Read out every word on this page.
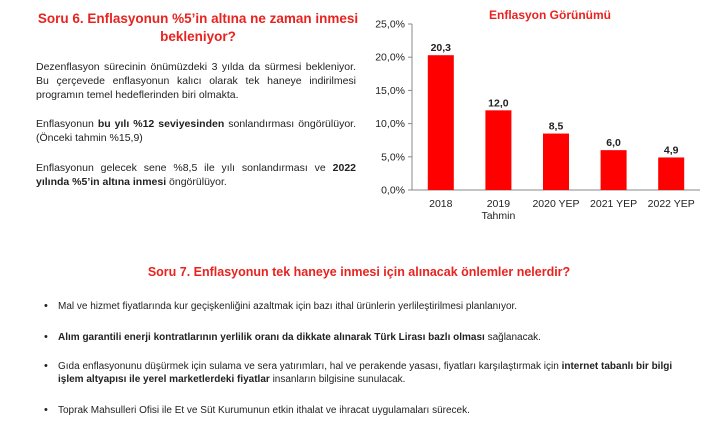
Soru 6. Enflasyonun %5’in altına ne zaman inmesi bekleniyor?
Dezenflasyon sürecinin önümüzdeki 3 yılda da sürmesi bekleniyor. Bu çerçevede enflasyonun kalıcı olarak tek haneye indirilmesi programın temel hedeflerinden biri olmakta.
Enflasyonun bu yılı %12 seviyesinden sonlandırması öngörülüyor. (Önceki tahmin %15,9)
Enflasyonun gelecek sene %8,5 ile yılı sonlandırması ve 2022 yılında %5’in altına inmesi öngörülüyor.
Enflasyon Görünümü
0,0%
5,0%
10,0%
15,0%
20,0%
25,0%
20,3
2018
12,0
2019
Tahmin
8,5
2020 YEP
6,0
2021 YEP
4,9
2022 YEP
Soru 7. Enflasyonun tek haneye inmesi için alınacak önlemler nelerdir?
• Mal ve hizmet fiyatlarında kur geçişkenliğini azaltmak için bazı ithal ürünlerin yerlileştirilmesi planlanıyor.
• Alım garantili enerji kontratlarının yerlilik oranı da dikkate alınarak Türk Lirası bazlı olması sağlanacak.
• Gıda enflasyonunu düşürmek için sulama ve sera yatırımları, hal ve perakende yasası, fiyatları karşılaştırmak için internet tabanlı bir bilgi işlem altyapısı ile yerel marketlerdeki fiyatlar insanların bilgisine sunulacak.
• Toprak Mahsulleri Ofisi ile Et ve Süt Kurumunun etkin ithalat ve ihracat uygulamaları sürecek.
